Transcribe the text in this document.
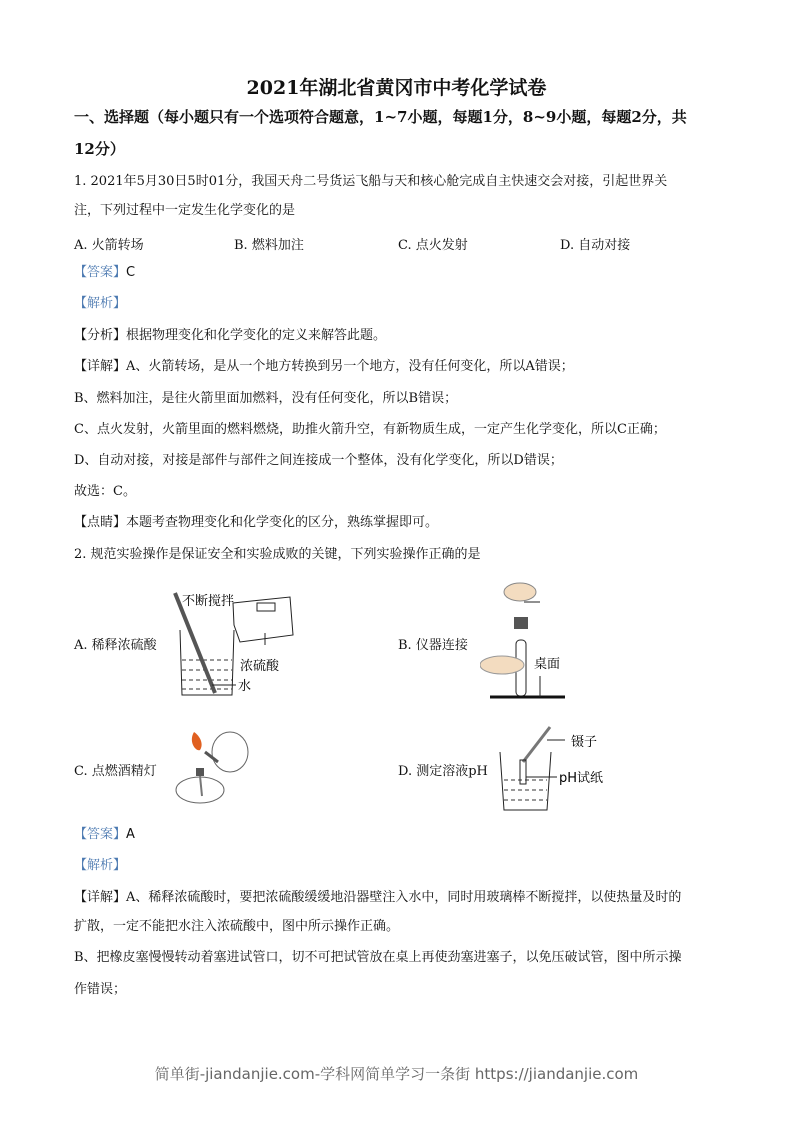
2021年湖北省黄冈市中考化学试卷
一、选择题（每小题只有一个选项符合题意，1~7小题，每题1分，8~9小题，每题2分，共
12分）
1. 2021年5月30日5时01分，我国天舟二号货运飞船与天和核心舱完成自主快速交会对接，引起世界关
注，下列过程中一定发生化学变化的是
A. 火箭转场	B. 燃料加注	C. 点火发射	D. 自动对接
【答案】C
【解析】
【分析】根据物理变化和化学变化的定义来解答此题。
【详解】A、火箭转场，是从一个地方转换到另一个地方，没有任何变化，所以A错误；
B、燃料加注，是往火箭里面加燃料，没有任何变化，所以B错误；
C、点火发射，火箭里面的燃料燃烧，助推火箭升空，有新物质生成，一定产生化学变化，所以C正确；
D、自动对接，对接是部件与部件之间连接成一个整体，没有化学变化，所以D错误；
故选：C。
【点睛】本题考查物理变化和化学变化的区分，熟练掌握即可。
2. 规范实验操作是保证安全和实验成败的关键，下列实验操作正确的是
A. 稀释浓硫酸	B. 仪器连接
C. 点燃酒精灯	D. 测定溶液pH
不断搅拌
浓硫酸
水
桌面
镊子
pH试纸
【答案】A
【解析】
【详解】A、稀释浓硫酸时，要把浓硫酸缓缓地沿器壁注入水中，同时用玻璃棒不断搅拌，以使热量及时的
扩散，一定不能把水注入浓硫酸中，图中所示操作正确。
B、把橡皮塞慢慢转动着塞进试管口，切不可把试管放在桌上再使劲塞进塞子，以免压破试管，图中所示操
作错误；
简单街-jiandanjie.com-学科网简单学习一条街 https://jiandanjie.com
